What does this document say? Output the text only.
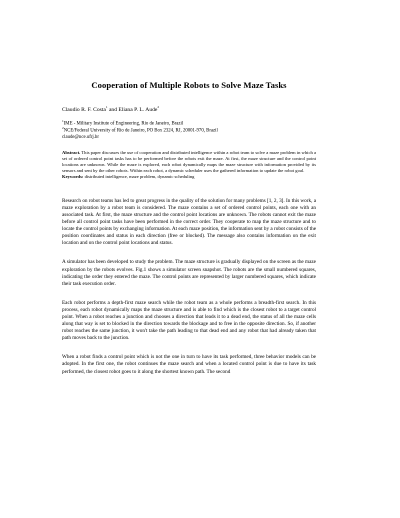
Cooperation of Multiple Robots to Solve Maze Tasks
Claudio R. F. Costa$^1$ and Eliana P. L. Aude$^2$

$^1$IME - Military Institute of Engineering, Rio de Janeiro, Brazil

$^2$NCE/Federal University of Rio de Janeiro, PO Box 2324, RJ, 20001-970, Brazil

claude@nce.ufrj.br

Abstract. This paper discusses the use of cooperation and distributed intelligence within a robot team to solve a maze problem in which a set of ordered control point tasks has to be performed before the robots exit the maze. At first, the maze structure and the control point locations are unknown. While the maze is explored, each robot dynamically maps the maze structure with information provided by its sensors and sent by the other robots. Within each robot, a dynamic scheduler uses the gathered information to update the robot goal.
Keywords: distributed intelligence, maze problem, dynamic scheduling

Research on robot teams has led to great progress in the quality of the solution for many problems [1, 2, 3]. In this work, a maze exploration by a robot team is considered. The maze contains a set of ordered control points, each one with an associated task. At first, the maze structure and the control point locations are unknown. The robots cannot exit the maze before all control point tasks have been performed in the correct order. They cooperate to map the maze structure and to locate the control points by exchanging information. At each maze position, the information sent by a robot consists of the position coordinates and status in each direction (free or blocked). The message also contains information on the exit location and on the control point locations and status.

A simulator has been developed to study the problem. The maze structure is gradually displayed on the screen as the maze exploration by the robots evolves. Fig.1 shows a simulator screen snapshot. The robots are the small numbered squares, indicating the order they entered the maze. The control points are represented by larger numbered squares, which indicate their task execution order.

Each robot performs a depth-first maze search while the robot team as a whole performs a breadth-first search. In this process, each robot dynamically maps the maze structure and is able to find which is the closest robot to a target control point. When a robot reaches a junction and chooses a direction that leads it to a dead end, the status of all the maze cells along that way is set to blocked in the direction towards the blockage and to free in the opposite direction. So, if another robot reaches the same junction, it won't take the path leading to that dead end and any robot that had already taken that path moves back to the junction.

When a robot finds a control point which is not the one in turn to have its task performed, three behavior models can be adopted. In the first one, the robot continues the maze search and when a located control point is due to have its task performed, the closest robot goes to it along the shortest known path. The second
